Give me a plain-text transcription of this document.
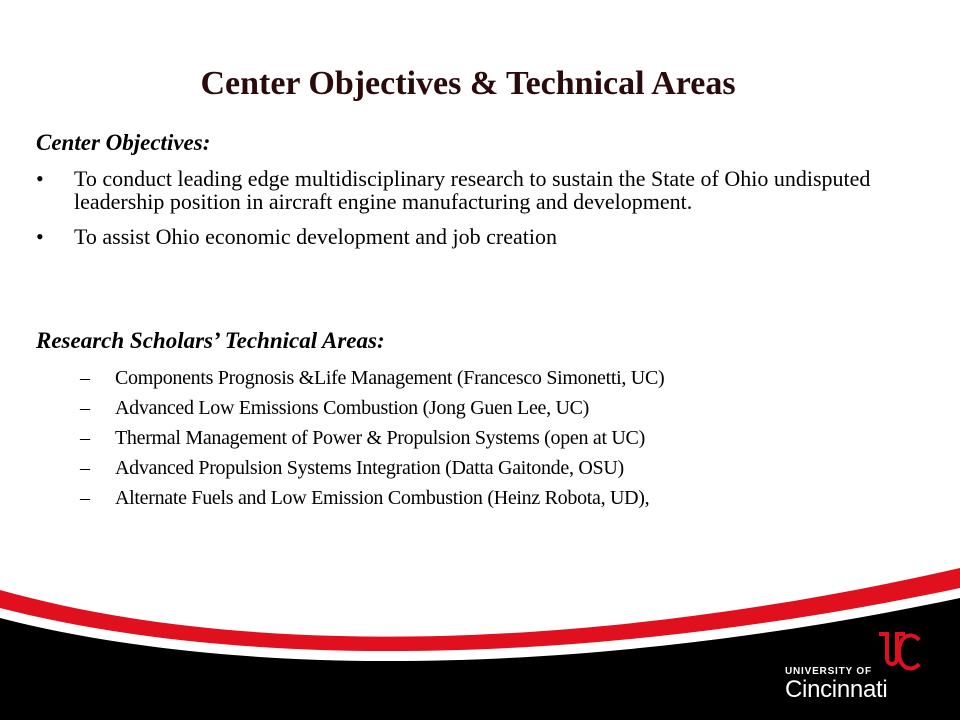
Center Objectives & Technical Areas
Center Objectives:
• To conduct leading edge multidisciplinary research to sustain the State of Ohio undisputed leadership position in aircraft engine manufacturing and development.
• To assist Ohio economic development and job creation
Research Scholars’ Technical Areas:
– Components Prognosis &Life Management (Francesco Simonetti, UC)
– Advanced Low Emissions Combustion (Jong Guen Lee, UC)
– Thermal Management of Power & Propulsion Systems (open at UC)
– Advanced Propulsion Systems Integration (Datta Gaitonde, OSU)
– Alternate Fuels and Low Emission Combustion (Heinz Robota, UD),
UNIVERSITY OF
Cincinnati
